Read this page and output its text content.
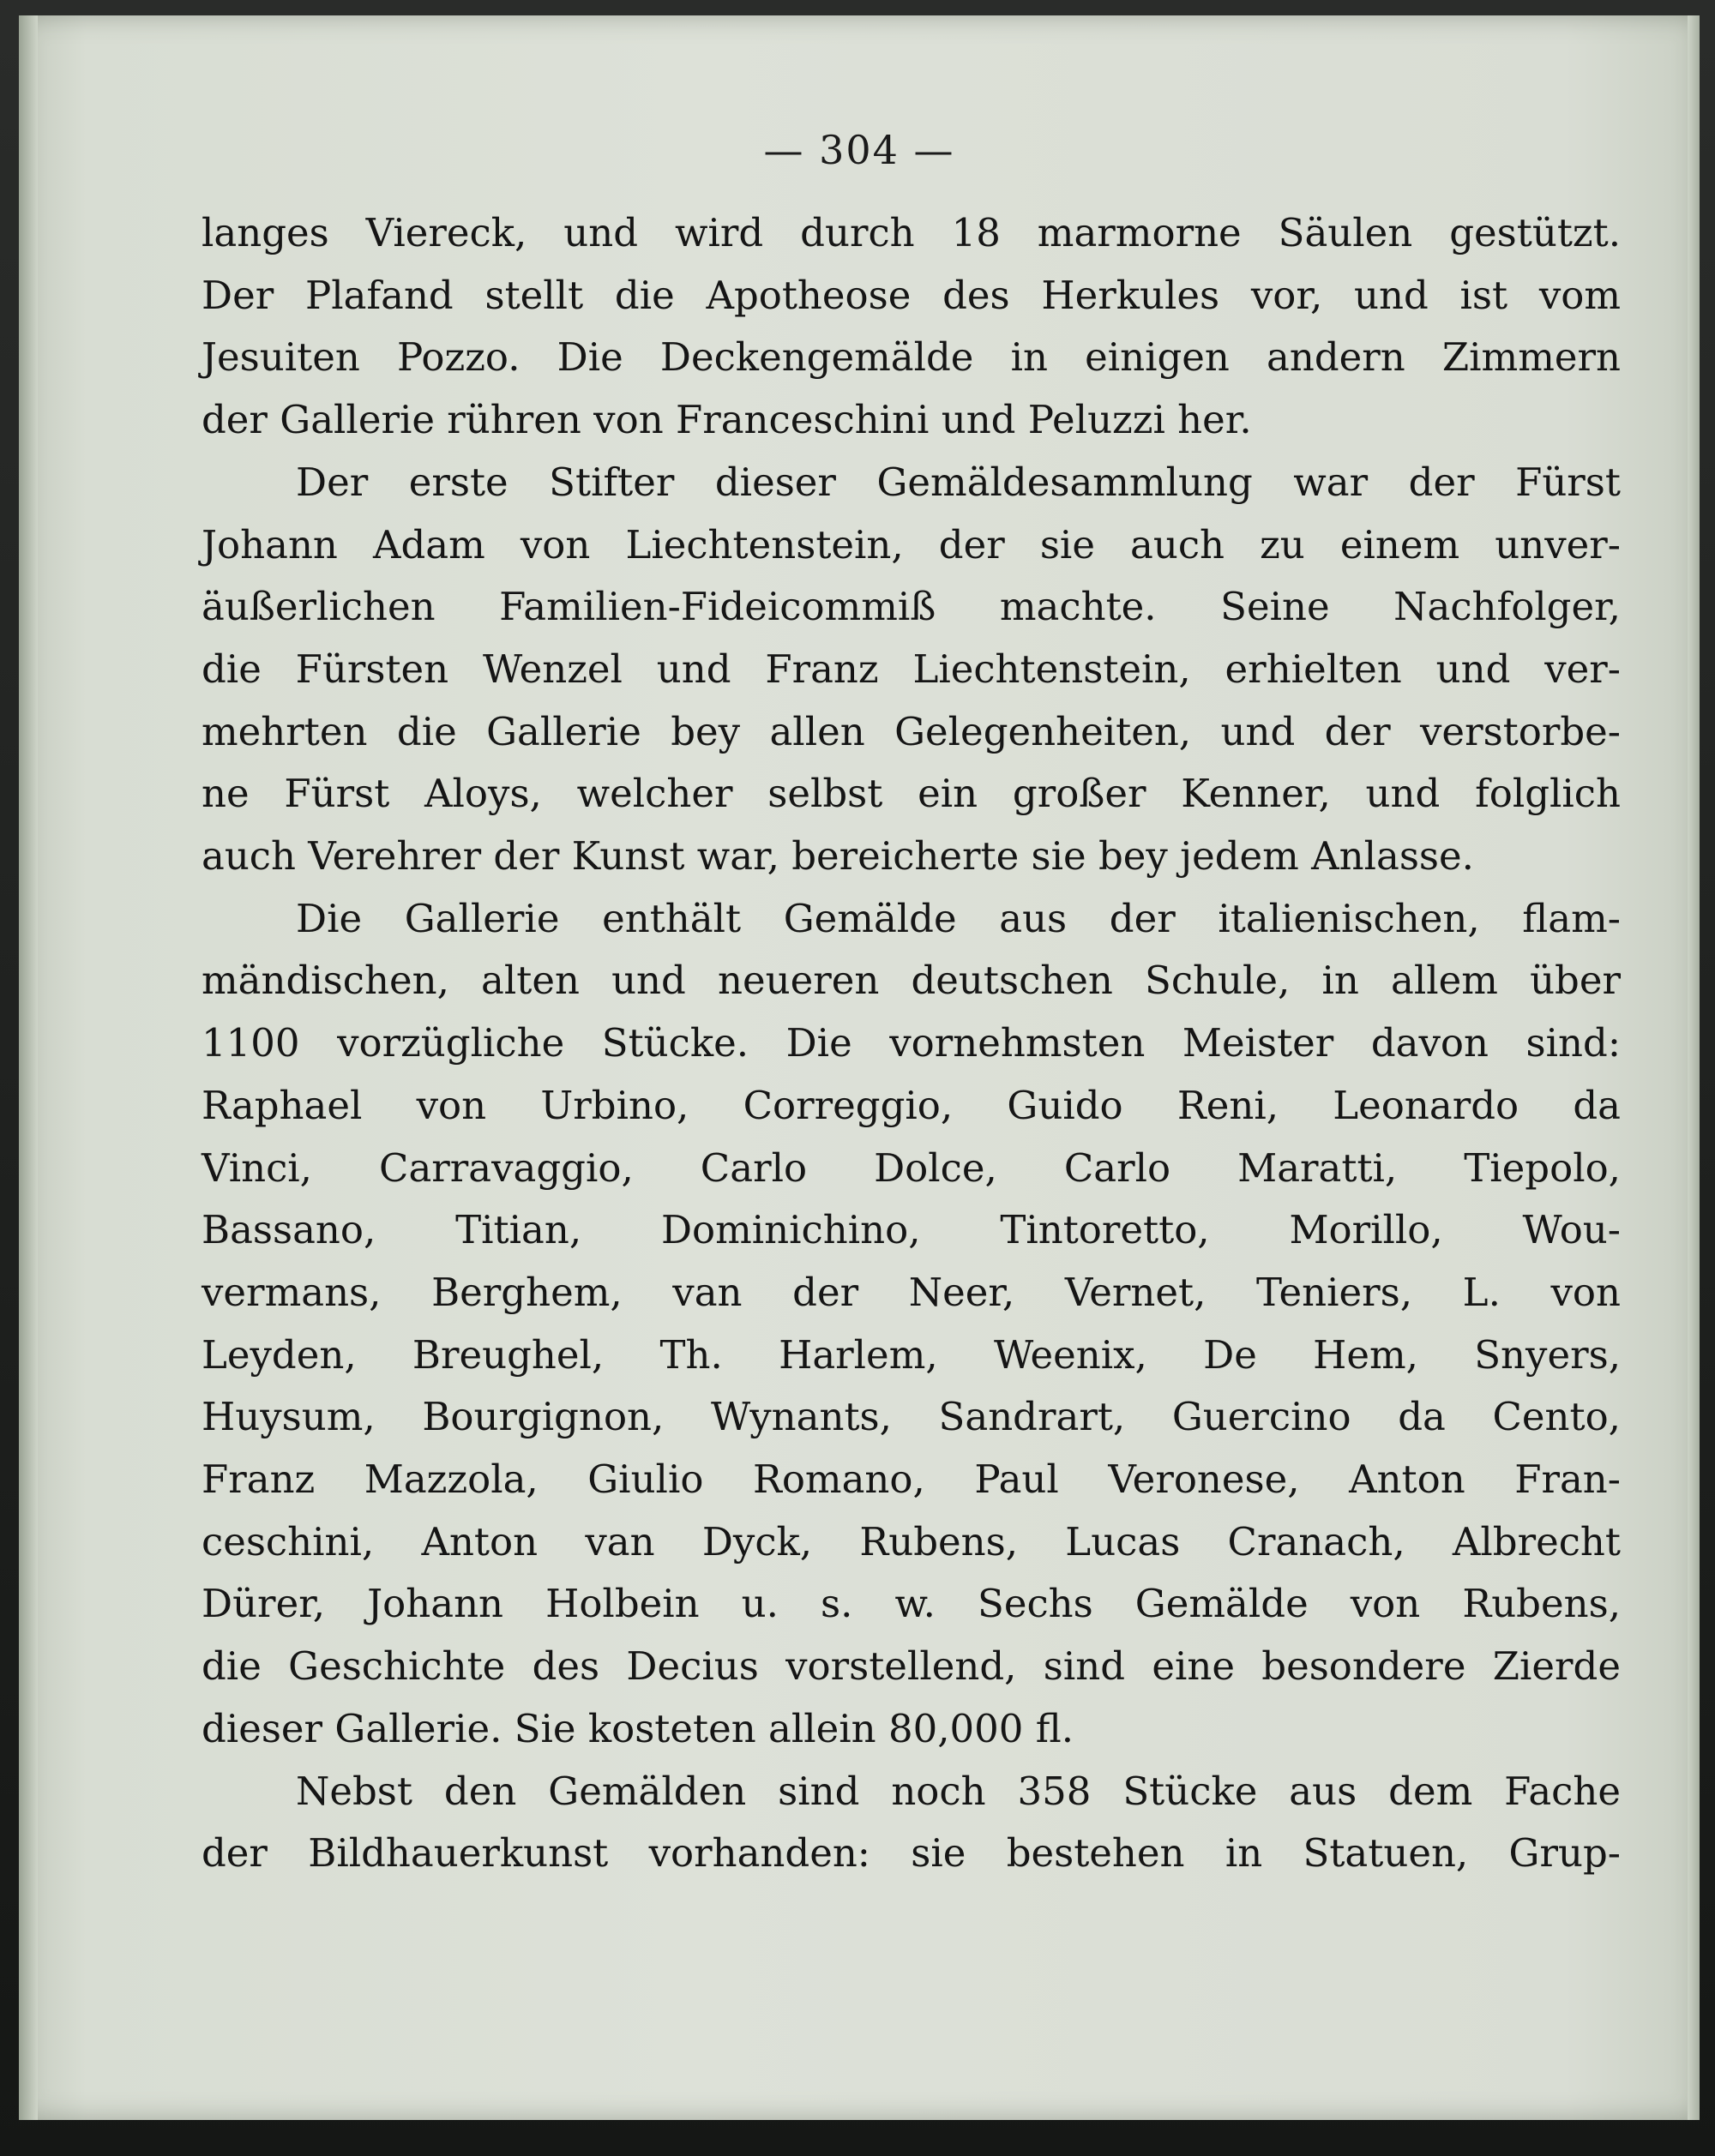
— 304 —
langes Viereck, und wird durch 18 marmorne Säulen gestützt.
Der Plafand stellt die Apotheose des Herkules vor, und ist vom
Jesuiten Pozzo. Die Deckengemälde in einigen andern Zimmern
der Gallerie rühren von Franceschini und Peluzzi her.
Der erste Stifter dieser Gemäldesammlung war der Fürst
Johann Adam von Liechtenstein, der sie auch zu einem unver-
äußerlichen Familien-Fideicommiß machte. Seine Nachfolger,
die Fürsten Wenzel und Franz Liechtenstein, erhielten und ver-
mehrten die Gallerie bey allen Gelegenheiten, und der verstorbe-
ne Fürst Aloys, welcher selbst ein großer Kenner, und folglich
auch Verehrer der Kunst war, bereicherte sie bey jedem Anlasse.
Die Gallerie enthält Gemälde aus der italienischen, flam-
mändischen, alten und neueren deutschen Schule, in allem über
1100 vorzügliche Stücke. Die vornehmsten Meister davon sind:
Raphael von Urbino, Correggio, Guido Reni, Leonardo da
Vinci, Carravaggio, Carlo Dolce, Carlo Maratti, Tiepolo,
Bassano, Titian, Dominichino, Tintoretto, Morillo, Wou-
vermans, Berghem, van der Neer, Vernet, Teniers, L. von
Leyden, Breughel, Th. Harlem, Weenix, De Hem, Snyers,
Huysum, Bourgignon, Wynants, Sandrart, Guercino da Cento,
Franz Mazzola, Giulio Romano, Paul Veronese, Anton Fran-
ceschini, Anton van Dyck, Rubens, Lucas Cranach, Albrecht
Dürer, Johann Holbein u. s. w. Sechs Gemälde von Rubens,
die Geschichte des Decius vorstellend, sind eine besondere Zierde
dieser Gallerie. Sie kosteten allein 80,000 fl.
Nebst den Gemälden sind noch 358 Stücke aus dem Fache
der Bildhauerkunst vorhanden: sie bestehen in Statuen, Grup-
